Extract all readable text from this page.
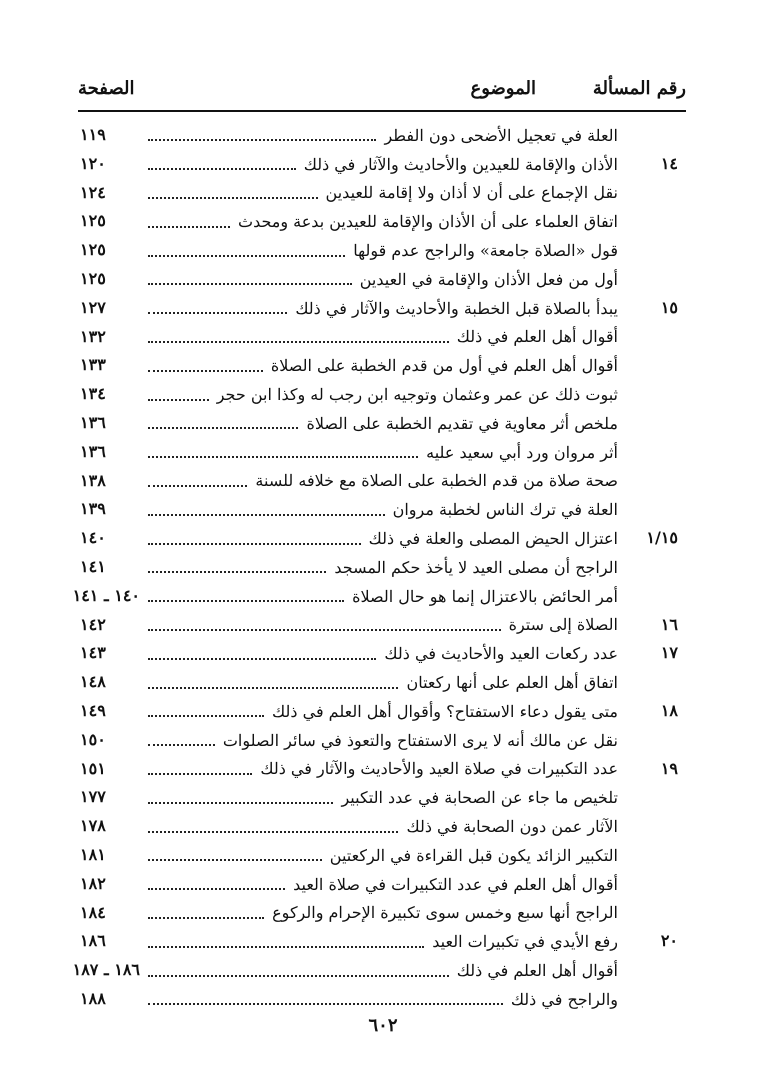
رقم المسألة
الموضوع
الصفحة
العلة في تعجيل الأضحى دون الفطر
١١٩
١٤
الأذان والإقامة للعيدين والأحاديث والآثار في ذلك
١٢٠
نقل الإجماع على أن لا أذان ولا إقامة للعيدين
١٢٤
اتفاق العلماء على أن الأذان والإقامة للعيدين بدعة ومحدث
١٢٥
قول «الصلاة جامعة» والراجح عدم قولها
١٢٥
أول من فعل الأذان والإقامة في العيدين
١٢٥
١٥
يبدأ بالصلاة قبل الخطبة والأحاديث والآثار في ذلك
١٢٧
أقوال أهل العلم في ذلك
١٣٢
أقوال أهل العلم في أول من قدم الخطبة على الصلاة
١٣٣
ثبوت ذلك عن عمر وعثمان وتوجيه ابن رجب له وكذا ابن حجر
١٣٤
ملخص أثر معاوية في تقديم الخطبة على الصلاة
١٣٦
أثر مروان ورد أبي سعيد عليه
١٣٦
صحة صلاة من قدم الخطبة على الصلاة مع خلافه للسنة
١٣٨
العلة في ترك الناس لخطبة مروان
١٣٩
١/١٥
اعتزال الحيض المصلى والعلة في ذلك
١٤٠
الراجح أن مصلى العيد لا يأخذ حكم المسجد
١٤١
أمر الحائض بالاعتزال إنما هو حال الصلاة
١٤٠ ـ ١٤١
١٦
الصلاة إلى سترة
١٤٢
١٧
عدد ركعات العيد والأحاديث في ذلك
١٤٣
اتفاق أهل العلم على أنها ركعتان
١٤٨
١٨
متى يقول دعاء الاستفتاح؟ وأقوال أهل العلم في ذلك
١٤٩
نقل عن مالك أنه لا يرى الاستفتاح والتعوذ في سائر الصلوات
١٥٠
١٩
عدد التكبيرات في صلاة العيد والأحاديث والآثار في ذلك
١٥١
تلخيص ما جاء عن الصحابة في عدد التكبير
١٧٧
الآثار عمن دون الصحابة في ذلك
١٧٨
التكبير الزائد يكون قبل القراءة في الركعتين
١٨١
أقوال أهل العلم في عدد التكبيرات في صلاة العيد
١٨٢
الراجح أنها سبع وخمس سوى تكبيرة الإحرام والركوع
١٨٤
٢٠
رفع الأيدي في تكبيرات العيد
١٨٦
أقوال أهل العلم في ذلك
١٨٦ ـ ١٨٧
والراجح في ذلك
١٨٨
٦٠٢
